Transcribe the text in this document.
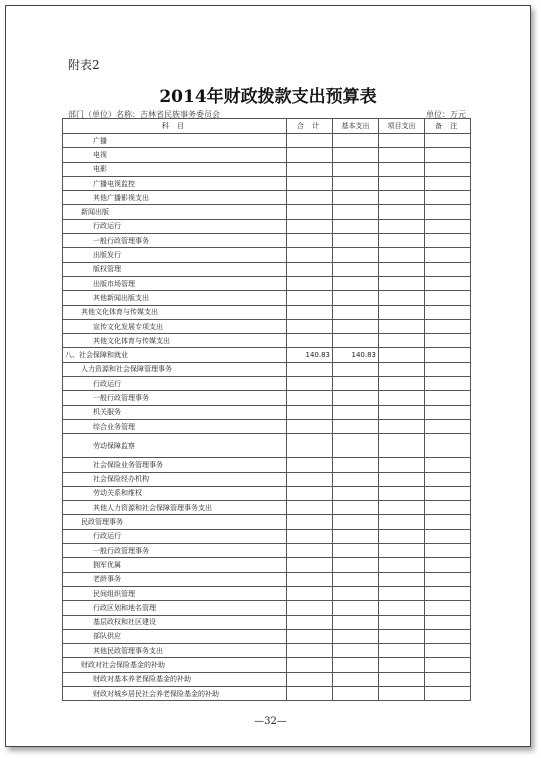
附表2
2014年财政拨款支出预算表
部门（单位）名称：吉林省民族事务委员会	单位：万元
科 目	合 计	基本支出	项目支出	备 注
广播				
电视				
电影				
广播电视监控				
其他广播影视支出				
新闻出版				
行政运行				
一般行政管理事务				
出版发行				
版权管理				
出版市场管理				
其他新闻出版支出				
其他文化体育与传媒支出				
宣传文化发展专项支出				
其他文化体育与传媒支出				
八、社会保障和就业	140.83	140.83		
人力资源和社会保障管理事务				
行政运行				
一般行政管理事务				
机关服务				
综合业务管理				
劳动保障监察				
社会保险业务管理事务				
社会保险经办机构				
劳动关系和维权				
其他人力资源和社会保障管理事务支出				
民政管理事务				
行政运行				
一般行政管理事务				
拥军优属				
老龄事务				
民间组织管理				
行政区划和地名管理				
基层政权和社区建设				
部队供应				
其他民政管理事务支出				
财政对社会保险基金的补助				
财政对基本养老保险基金的补助				
财政对城乡居民社会养老保险基金的补助				
—32—
